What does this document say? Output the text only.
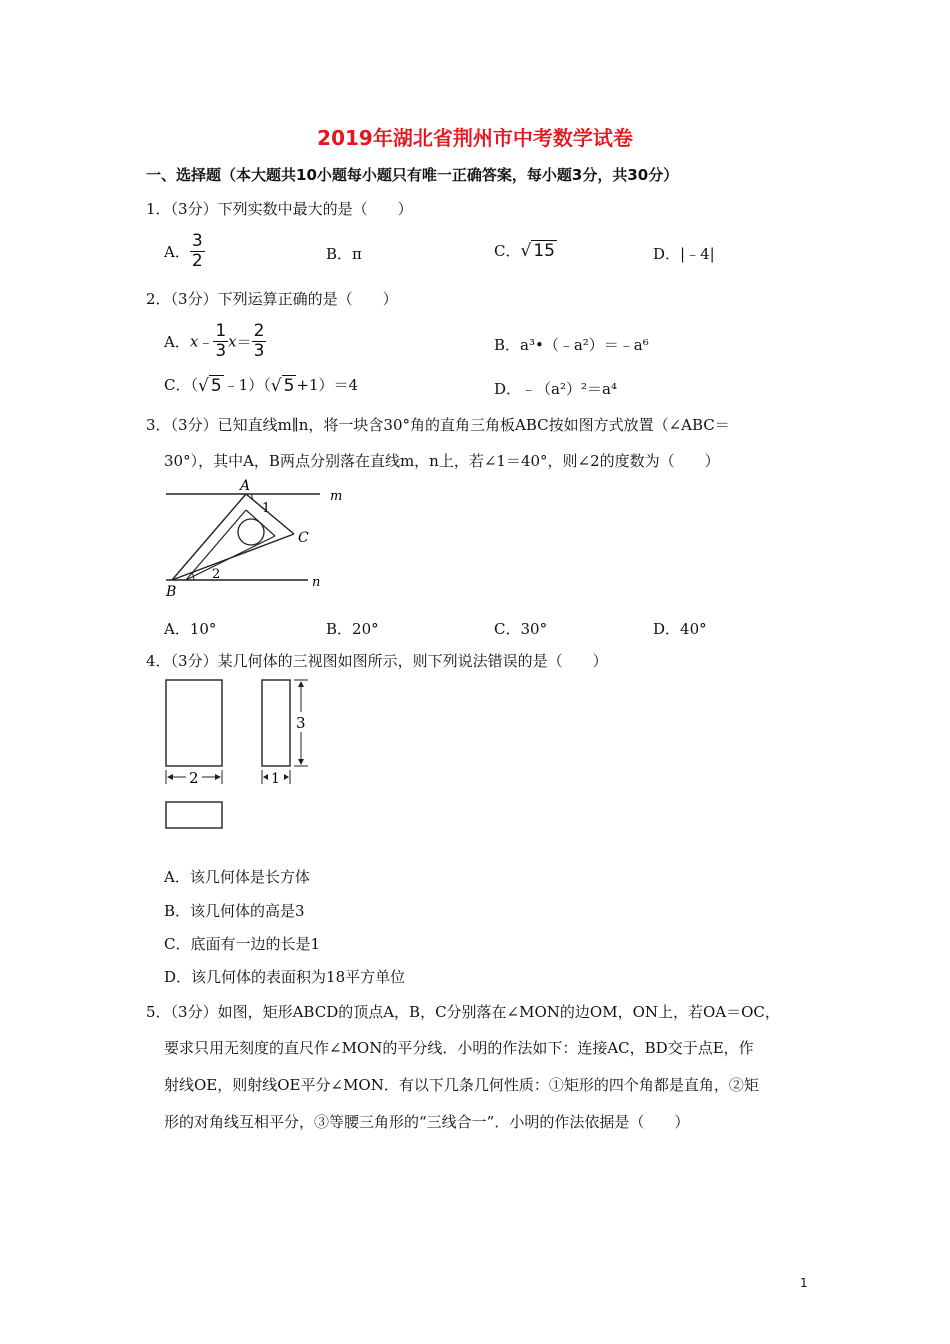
2019年湖北省荆州市中考数学试卷
一、选择题（本大题共10小题每小题只有唯一正确答案，每小题3分，共30分）
1．（3分）下列实数中最大的是（　　）
A． $\frac{3}{2}$	B．π	C．√ 15	D．|﹣4|
2．（3分）下列运算正确的是（　　）
A．x﹣ $\frac{1}{3} x= \frac{2}{3}$	B．a³•（﹣a²）＝﹣a⁶
C．（√ 5 ﹣1）（√ 5 +1）＝4	D．﹣（a²）²＝a⁴
3．（3分）已知直线m∥n，将一块含30°角的直角三角板ABC按如图方式放置（∠ABC＝
30°），其中A，B两点分别落在直线m，n上，若∠1＝40°，则∠2的度数为（　　）
A
B
C
m
n
1
2
A．10°	B．20°	C．30°	D．40°
4．（3分）某几何体的三视图如图所示，则下列说法错误的是（　　）
2	1
3
A．该几何体是长方体
B．该几何体的高是3
C．底面有一边的长是1
D．该几何体的表面积为18平方单位
5．（3分）如图，矩形ABCD的顶点A，B，C分别落在∠MON的边OM，ON上，若OA＝OC，
要求只用无刻度的直尺作∠MON的平分线．小明的作法如下：连接AC，BD交于点E，作
射线OE，则射线OE平分∠MON．有以下几条几何性质：①矩形的四个角都是直角，②矩
形的对角线互相平分，③等腰三角形的“三线合一”．小明的作法依据是（　　）
1
